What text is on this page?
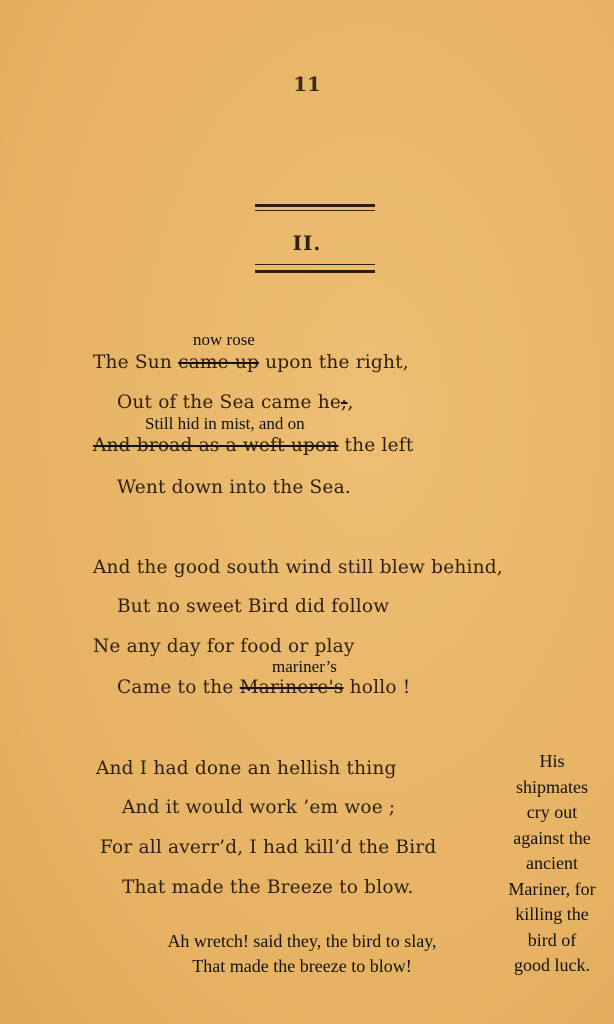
11
II.
now rose
The Sun came up upon the right,
Out of the Sea came he;,
Still hid in mist, and on
And broad as a weft upon the left
Went down into the Sea.
And the good south wind still blew behind,
But no sweet Bird did follow
Ne any day for food or play
mariner’s
Came to the Marinere's hollo !
And I had done an hellish thing
And it would work ’em woe ;
For all averr’d, I had kill’d the Bird
That made the Breeze to blow.
Ah wretch! said they, the bird to slay,
That made the breeze to blow!
His
shipmates
cry out
against the
ancient
Mariner, for
killing the
bird of
good luck.
